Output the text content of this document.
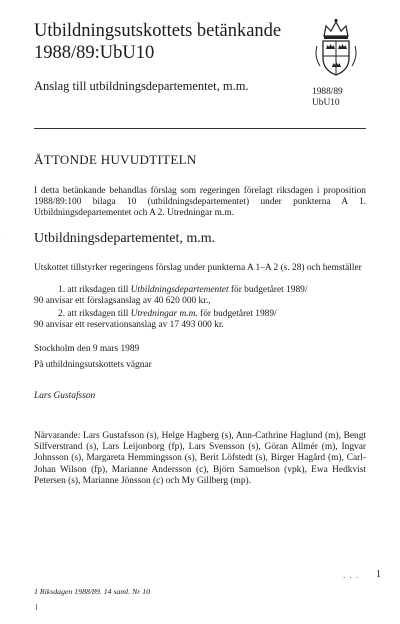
Utbildningsutskottets betänkande
1988/89:UbU10
Anslag till utbildningsdepartementet, m.m.	1988/89
UbU10
ÅTTONDE HUVUDTITELN
I detta betänkande behandlas förslag som regeringen förelagt riksdagen i proposition 1988/89:100 bilaga 10 (utbildningsdepartementet) under punkterna A 1. Utbildningsdepartementet och A 2. Utredningar m.m.
· Utbildningsdepartementet, m.m.
Utskottet tillstyrker regeringens förslag under punkterna A 1–A 2 (s. 28) och hemställer
1. att riksdagen till Utbildningsdepartementet för budgetåret 1989/
90 anvisar ett förslagsanslag av 40 620 000 kr.,
2. att riksdagen till Utredningar m.m. för budgetåret 1989/
90 anvisar ett reservationsanslag av 17 493 000 kr.
Stockholm den 9 mars 1989
På utbildningsutskottets vägnar
Lars Gustafsson
Närvarande: Lars Gustafsson (s), Helge Hagberg (s), Ann-Cathrine Haglund (m), Bengt Silfverstrand (s), Lars Leijonborg (fp), Lars Svensson (s), Göran Allmér (m), Ingvar Johnsson (s), Margareta Hemmingsson (s), Berit Löfstedt (s), Birger Hagård (m), Carl-Johan Wilson (fp), Marianne Andersson (c), Björn Samuelson (vpk), Ewa Hedkvist Petersen (s), Marianne Jönsson (c) och My Gillberg (mp).
. . . 1
1 Riksdagen 1988/89. 14 saml. Nr 10
